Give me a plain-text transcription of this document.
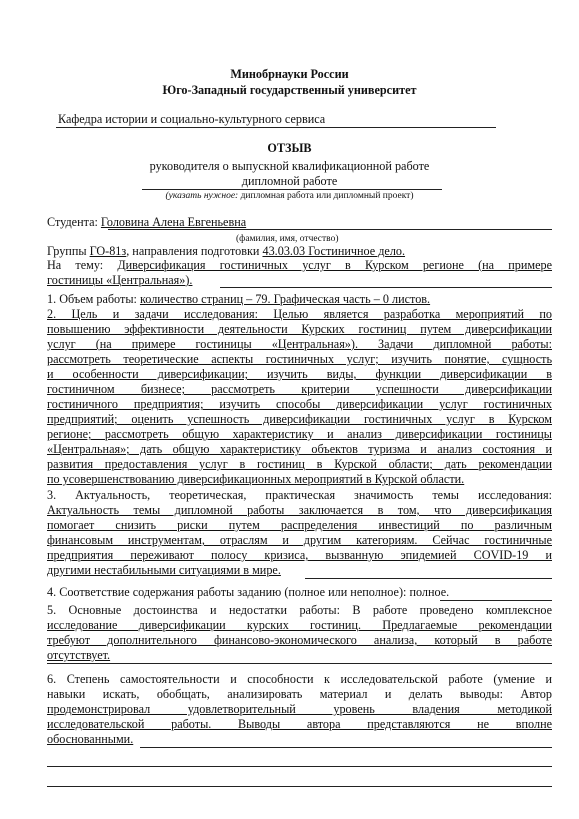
Минобрнауки России
Юго-Западный государственный университет
Кафедра истории и социально-культурного сервиса
ОТЗЫВ
руководителя о выпускной квалификационной работе
дипломной работе
(указать нужное: дипломная работа или дипломный проект)
Студента: Головина Алена Евгеньевна
(фамилия, имя, отчество)
Группы ГО-81з, направления подготовки 43.03.03 Гостиничное дело.
На тему: Диверсификация гостиничных услуг в Курском регионе (на примере
гостиницы «Центральная»).
1. Объем работы: количество страниц – 79. Графическая часть – 0 листов.
2. Цель и задачи исследования: Целью является разработка мероприятий по
повышению эффективности деятельности Курских гостиниц путем диверсификации
услуг (на примере гостиницы «Центральная»). Задачи дипломной работы:
рассмотреть теоретические аспекты гостиничных услуг; изучить понятие, сущность
и особенности диверсификации; изучить виды, функции диверсификации в
гостиничном бизнесе; рассмотреть критерии успешности диверсификации
гостиничного предприятия; изучить способы диверсификации услуг гостиничных
предприятий; оценить успешность диверсификации гостиничных услуг в Курском
регионе; рассмотреть общую характеристику и анализ диверсификации гостиницы
«Центральная»; дать общую характеристику объектов туризма и анализ состояния и
развития предоставления услуг в гостиниц в Курской области; дать рекомендации
по усовершенствованию диверсификационных мероприятий в Курской области.
3. Актуальность, теоретическая, практическая значимость темы исследования:
Актуальность темы дипломной работы заключается в том, что диверсификация
помогает снизить риски путем распределения инвестиций по различным
финансовым инструментам, отраслям и другим категориям. Сейчас гостиничные
предприятия переживают полосу кризиса, вызванную эпидемией COVID-19 и
другими нестабильными ситуациями в мире.
4. Соответствие содержания работы заданию (полное или неполное): полное.
5. Основные достоинства и недостатки работы: В работе проведено комплексное
исследование диверсификации курских гостиниц. Предлагаемые рекомендации
требуют дополнительного финансово-экономического анализа, который в работе
отсутствует.
6. Степень самостоятельности и способности к исследовательской работе (умение и
навыки искать, обобщать, анализировать материал и делать выводы: Автор
продемонстрировал удовлетворительный уровень владения методикой
исследовательской работы. Выводы автора представляются не вполне
обоснованными.
